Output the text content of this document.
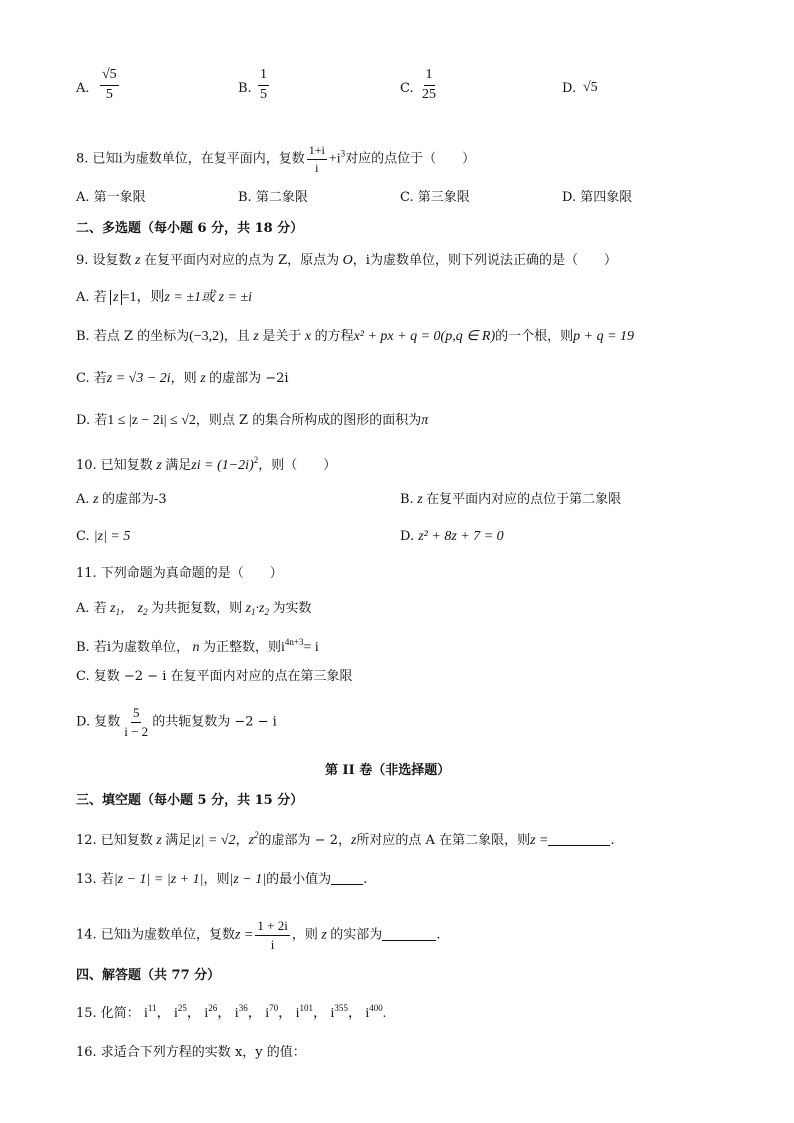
A. $\frac{√5}{5}$	B. $\frac{1}{5}$	C. $\frac{1}{25}$	D. √5
8. 已知i为虚数单位，在复平面内，复数 $\frac{1+i}{i} +i^3$对应的点位于（　　）
A. 第一象限	B. 第二象限	C. 第三象限	D. 第四象限
二、多选题（每小题 6 分，共 18 分）
9. 设复数 z 在复平面内对应的点为 Z，原点为 O，i为虚数单位，则下列说法正确的是（　　）
A. 若 z =1，则z = ±1或 z = ±i
B. 若点 Z 的坐标为(−3,2)，且 z 是关于 x 的方程x² + px + q = 0(p,q ∈ R)的一个根，则p + q = 19
C. 若z = √3 − 2i，则 z 的虚部为 −2i
D. 若1 ≤ |z − 2i| ≤ √2，则点 Z 的集合所构成的图形的面积为π
10. 已知复数 z 满足zi = $(1-2i)^2$，则（　　）
A. z 的虚部为-3	B. z 在复平面内对应的点位于第二象限
C. |z| = 5	D. z² + 8z + 7 = 0
11. 下列命题为真命题的是（　　）
A. 若 $z_1$， $z_2$ 为共扼复数，则 $z_1\cdot z_2$ 为实数
B. 若i为虚数单位， n 为正整数，则$i^{4n+3}= i$
C. 复数 −2 − i 在复平面内对应的点在第三象限
D. 复数 $\frac{5}{i - 2}$ 的共轭复数为 −2 − i
第 II 卷（非选择题）
三、填空题（每小题 5 分，共 15 分）
12. 已知复数 z 满足|z| = √2，$z^2$的虚部为 − 2，z所对应的点 A 在第二象限，则z =	.
13. 若|z − 1| = |z + 1|，则|z − 1|的最小值为 .
14. 已知i为虚数单位，复数$z = \frac{1 + 2i}{i}$ ，则 z 的实部为	.
四、解答题（共 77 分）
15. 化简： $i^{11}$， $i^{25}$， $i^{26}$， $i^{36}$， $i^{70}$， $i^{101}$， $i^{355}$， $i^{400}$.
16. 求适合下列方程的实数 x，y 的值：
